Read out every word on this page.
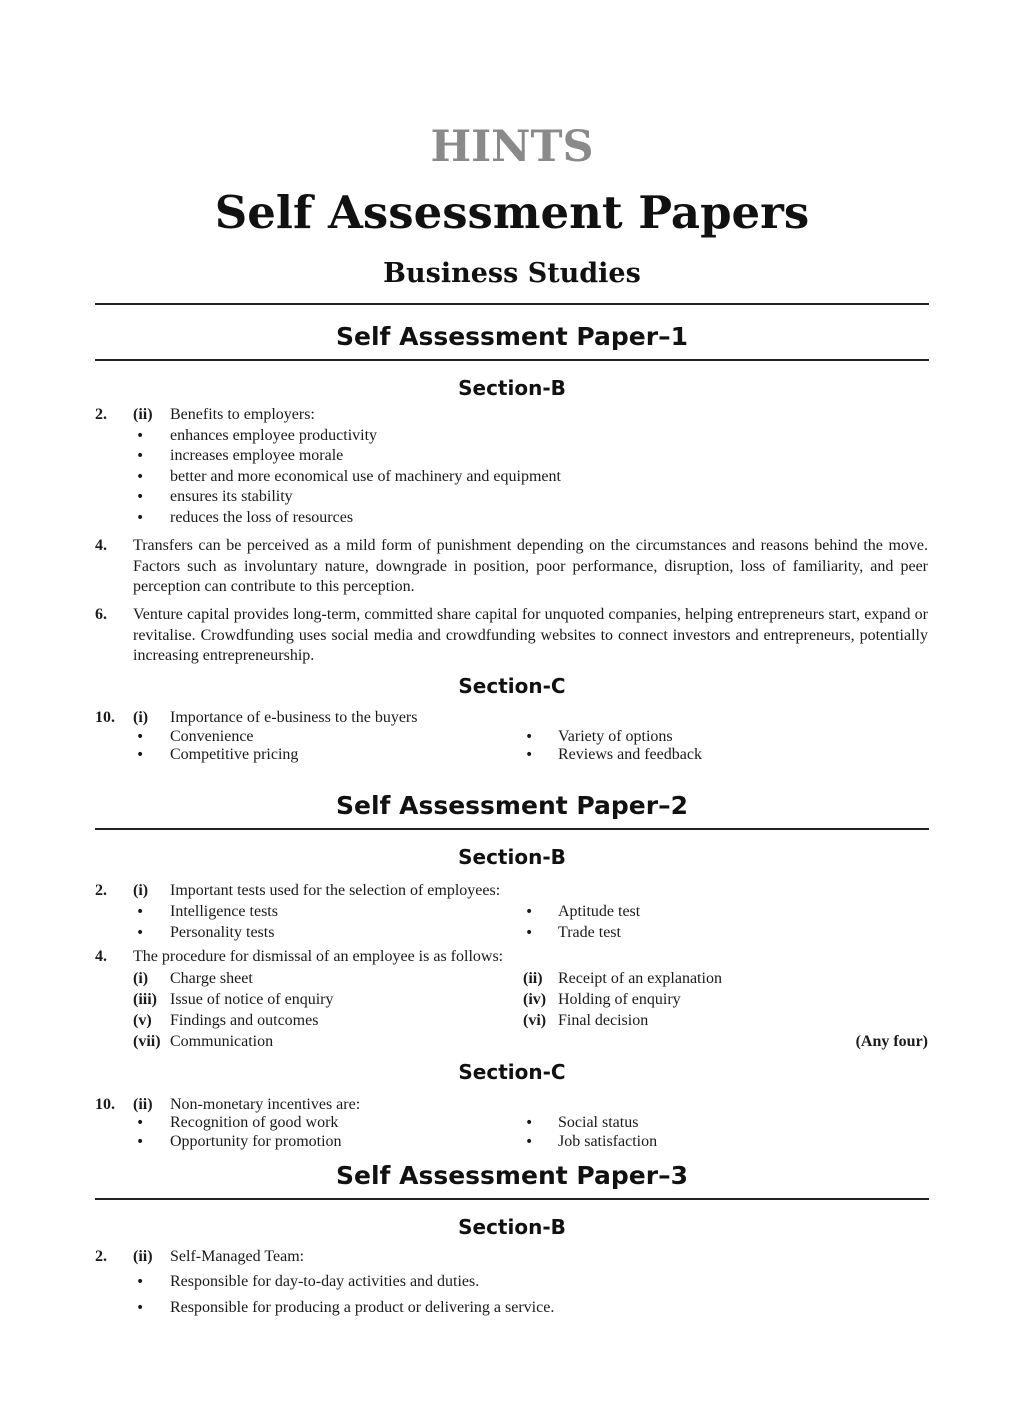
HINTS
Self Assessment Papers
Business Studies
Self Assessment Paper–1
Section-B
2. (ii) Benefits to employers:
• enhances employee productivity
• increases employee morale
• better and more economical use of machinery and equipment
• ensures its stability
• reduces the loss of resources
4. Transfers can be perceived as a mild form of punishment depending on the circumstances and reasons behind the move. Factors such as involuntary nature, downgrade in position, poor performance, disruption, loss of familiarity, and peer perception can contribute to this perception.
6. Venture capital provides long-term, committed share capital for unquoted companies, helping entrepreneurs start, expand or revitalise. Crowdfunding uses social media and crowdfunding websites to connect investors and entrepreneurs, potentially increasing entrepreneurship.
Section-C
10. (i) Importance of e-business to the buyers
• Convenience	• Variety of options
• Competitive pricing	• Reviews and feedback
Self Assessment Paper–2
Section-B
2. (i) Important tests used for the selection of employees:
• Intelligence tests	• Aptitude test
• Personality tests	• Trade test
4. The procedure for dismissal of an employee is as follows:
(i) Charge sheet	(ii) Receipt of an explanation
(iii) Issue of notice of enquiry	(iv) Holding of enquiry
(v) Findings and outcomes	(vi) Final decision
(vii) Communication	(Any four)
Section-C
10. (ii) Non-monetary incentives are:
• Recognition of good work	• Social status
• Opportunity for promotion	• Job satisfaction
Self Assessment Paper–3
Section-B
2. (ii) Self-Managed Team:
• Responsible for day-to-day activities and duties.
• Responsible for producing a product or delivering a service.
